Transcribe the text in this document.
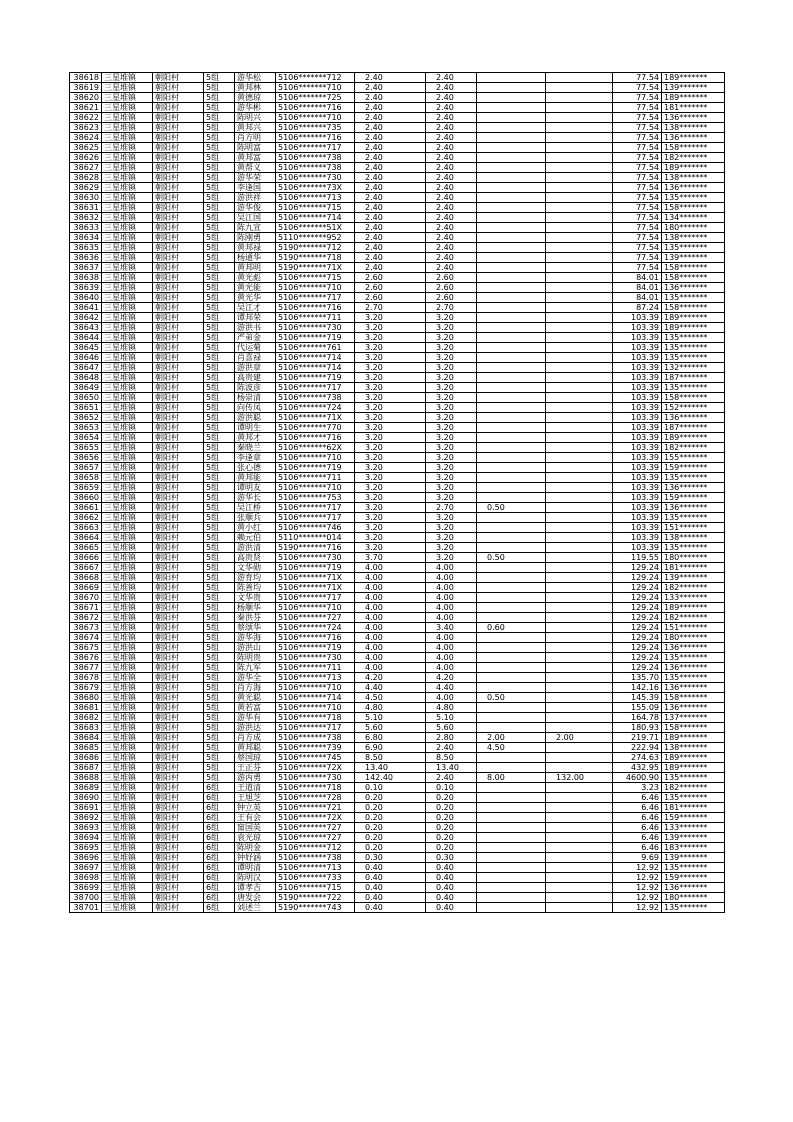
38618	三星堆镇	朝阳村	5组	游华松	5106*******712	2.40	2.40			77.54	189*******
38619	三星堆镇	朝阳村	5组	黄邦林	5106*******710	2.40	2.40			77.54	139*******
38620	三星堆镇	朝阳村	5组	黄德琼	5106*******725	2.40	2.40			77.54	189*******
38621	三星堆镇	朝阳村	5组	游华彬	5106*******716	2.40	2.40			77.54	181*******
38622	三星堆镇	朝阳村	5组	陈明兴	5106*******710	2.40	2.40			77.54	136*******
38623	三星堆镇	朝阳村	5组	黄邦兴	5106*******735	2.40	2.40			77.54	138*******
38624	三星堆镇	朝阳村	5组	肖方明	5106*******716	2.40	2.40			77.54	136*******
38625	三星堆镇	朝阳村	5组	陈明富	5106*******717	2.40	2.40			77.54	158*******
38626	三星堆镇	朝阳村	5组	黄邦富	5106*******738	2.40	2.40			77.54	182*******
38627	三星堆镇	朝阳村	5组	黄帮义	5106*******738	2.40	2.40			77.54	189*******
38628	三星堆镇	朝阳村	5组	游华荣	5106*******730	2.40	2.40			77.54	138*******
38629	三星堆镇	朝阳村	5组	李逢国	5106*******73X	2.40	2.40			77.54	136*******
38630	三星堆镇	朝阳村	5组	游洪祥	5106*******713	2.40	2.40			77.54	135*******
38631	三星堆镇	朝阳村	5组	游华俊	5106*******715	2.40	2.40			77.54	158*******
38632	三星堆镇	朝阳村	5组	吴江国	5106*******714	2.40	2.40			77.54	134*******
38633	三星堆镇	朝阳村	5组	陈九宣	5106*******51X	2.40	2.40			77.54	180*******
38634	三星堆镇	朝阳村	5组	陈刚勇	5110*******952	2.40	2.40			77.54	138*******
38635	三星堆镇	朝阳村	5组	黄邦禄	5190*******712	2.40	2.40			77.54	135*******
38636	三星堆镇	朝阳村	5组	杨通华	5190*******718	2.40	2.40			77.54	139*******
38637	三星堆镇	朝阳村	5组	黄邦明	5190*******71X	2.40	2.40			77.54	158*******
38638	三星堆镇	朝阳村	5组	黄光彪	5106*******715	2.60	2.60			84.01	158*******
38639	三星堆镇	朝阳村	5组	黄光能	5106*******710	2.60	2.60			84.01	136*******
38640	三星堆镇	朝阳村	5组	黄光华	5106*******717	2.60	2.60			84.01	135*******
38641	三星堆镇	朝阳村	5组	吴江才	5106*******716	2.70	2.70			87.24	158*******
38642	三星堆镇	朝阳村	5组	谭邦荣	5106*******711	3.20	3.20			103.39	189*******
38643	三星堆镇	朝阳村	5组	游洪书	5106*******730	3.20	3.20			103.39	189*******
38644	三星堆镇	朝阳村	5组	严弟金	5106*******719	3.20	3.20			103.39	135*******
38645	三星堆镇	朝阳村	5组	代运菊	5106*******761	3.20	3.20			103.39	135*******
38646	三星堆镇	朝阳村	5组	肖喜禄	5106*******714	3.20	3.20			103.39	135*******
38647	三星堆镇	朝阳村	5组	游洪章	5106*******714	3.20	3.20			103.39	132*******
38648	三星堆镇	朝阳村	5组	高贵建	5106*******719	3.20	3.20			103.39	187*******
38649	三星堆镇	朝阳村	5组	陈波彦	5106*******717	3.20	3.20			103.39	135*******
38650	三星堆镇	朝阳村	5组	杨崇清	5106*******738	3.20	3.20			103.39	158*******
38651	三星堆镇	朝阳村	5组	向传凤	5106*******724	3.20	3.20			103.39	152*******
38652	三星堆镇	朝阳村	5组	游洪聪	5106*******71X	3.20	3.20			103.39	136*******
38653	三星堆镇	朝阳村	5组	谭明生	5106*******770	3.20	3.20			103.39	187*******
38654	三星堆镇	朝阳村	5组	黄邦才	5106*******716	3.20	3.20			103.39	189*******
38655	三星堆镇	朝阳村	5组	秦晓兰	5106*******62X	3.20	3.20			103.39	182*******
38656	三星堆镇	朝阳村	5组	李逢章	5106*******710	3.20	3.20			103.39	155*******
38657	三星堆镇	朝阳村	5组	张心德	5106*******719	3.20	3.20			103.39	159*******
38658	三星堆镇	朝阳村	5组	黄邦能	5106*******711	3.20	3.20			103.39	135*******
38659	三星堆镇	朝阳村	5组	谭明友	5106*******710	3.20	3.20			103.39	136*******
38660	三星堆镇	朝阳村	5组	游华长	5106*******753	3.20	3.20			103.39	159*******
38661	三星堆镇	朝阳村	5组	吴江桥	5106*******717	3.20	2.70	0.50		103.39	136*******
38662	三星堆镇	朝阳村	5组	张顺兵	5106*******717	3.20	3.20			103.39	135*******
38663	三星堆镇	朝阳村	5组	黄小红	5106*******746	3.20	3.20			103.39	151*******
38664	三星堆镇	朝阳村	5组	赖元伯	5110*******014	3.20	3.20			103.39	138*******
38665	三星堆镇	朝阳村	5组	游洪清	5190*******716	3.20	3.20			103.39	135*******
38666	三星堆镇	朝阳村	5组	高贵贤	5106*******730	3.70	3.20	0.50		119.55	180*******
38667	三星堆镇	朝阳村	5组	文华勋	5106*******719	4.00	4.00			129.24	181*******
38668	三星堆镇	朝阳村	5组	游育均	5106*******71X	4.00	4.00			129.24	139*******
38669	三星堆镇	朝阳村	5组	陈善均	5106*******71X	4.00	4.00			129.24	182*******
38670	三星堆镇	朝阳村	5组	文华贵	5106*******717	4.00	4.00			129.24	133*******
38671	三星堆镇	朝阳村	5组	杨顺华	5106*******710	4.00	4.00			129.24	189*******
38672	三星堆镇	朝阳村	5组	秦洪芬	5106*******727	4.00	4.00			129.24	182*******
38673	三星堆镇	朝阳村	5组	蔡颂华	5106*******724	4.00	3.40	0.60		129.24	151*******
38674	三星堆镇	朝阳村	5组	游华海	5106*******716	4.00	4.00			129.24	180*******
38675	三星堆镇	朝阳村	5组	游洪山	5106*******719	4.00	4.00			129.24	136*******
38676	三星堆镇	朝阳村	5组	陈明贵	5106*******730	4.00	4.00			129.24	135*******
38677	三星堆镇	朝阳村	5组	陈九军	5106*******711	4.00	4.00			129.24	136*******
38678	三星堆镇	朝阳村	5组	游华全	5106*******713	4.20	4.20			135.70	135*******
38679	三星堆镇	朝阳村	5组	肖方海	5106*******710	4.40	4.40			142.16	136*******
38680	三星堆镇	朝阳村	5组	黄光聪	5106*******714	4.50	4.00	0.50		145.39	158*******
38681	三星堆镇	朝阳村	5组	黄若富	5106*******710	4.80	4.80			155.09	136*******
38682	三星堆镇	朝阳村	5组	游华有	5106*******718	5.10	5.10			164.78	137*******
38683	三星堆镇	朝阳村	5组	游洪达	5106*******717	5.60	5.60			180.93	158*******
38684	三星堆镇	朝阳村	5组	肖方成	5106*******738	6.80	2.80	2.00	2.00	219.71	189*******
38685	三星堆镇	朝阳村	5组	黄邦聪	5106*******739	6.90	2.40	4.50		222.94	138*******
38686	三星堆镇	朝阳村	5组	蔡国琼	5106*******745	8.50	8.50			274.63	189*******
38687	三星堆镇	朝阳村	5组	王正芬	5106*******72X	13.40	13.40			432.95	189*******
38688	三星堆镇	朝阳村	5组	游丙勇	5106*******730	142.40	2.40	8.00	132.00	4600.90	135*******
38689	三星堆镇	朝阳村	6组	王道清	5106*******718	0.10	0.10			3.23	182*******
38690	三星堆镇	朝阳村	6组	王旭芝	5106*******728	0.20	0.20			6.46	135*******
38691	三星堆镇	朝阳村	6组	钟立英	5106*******721	0.20	0.20			6.46	181*******
38692	三星堆镇	朝阳村	6组	王有会	5106*******72X	0.20	0.20			6.46	159*******
38693	三星堆镇	朝阳村	6组	甯国英	5106*******727	0.20	0.20			6.46	133*******
38694	三星堆镇	朝阳村	6组	袁光琼	5106*******727	0.20	0.20			6.46	139*******
38695	三星堆镇	朝阳村	6组	陈明金	5106*******712	0.20	0.20			6.46	183*******
38696	三星堆镇	朝阳村	6组	钟妤涵	5106*******738	0.30	0.30			9.69	139*******
38697	三星堆镇	朝阳村	6组	谭明清	5106*******713	0.40	0.40			12.92	135*******
38698	三星堆镇	朝阳村	6组	陈明汉	5106*******733	0.40	0.40			12.92	159*******
38699	三星堆镇	朝阳村	6组	谭孝吉	5106*******715	0.40	0.40			12.92	136*******
38700	三星堆镇	朝阳村	6组	唐发会	5190*******722	0.40	0.40			12.92	180*******
38701	三星堆镇	朝阳村	6组	刘述兰	5190*******743	0.40	0.40			12.92	135*******
